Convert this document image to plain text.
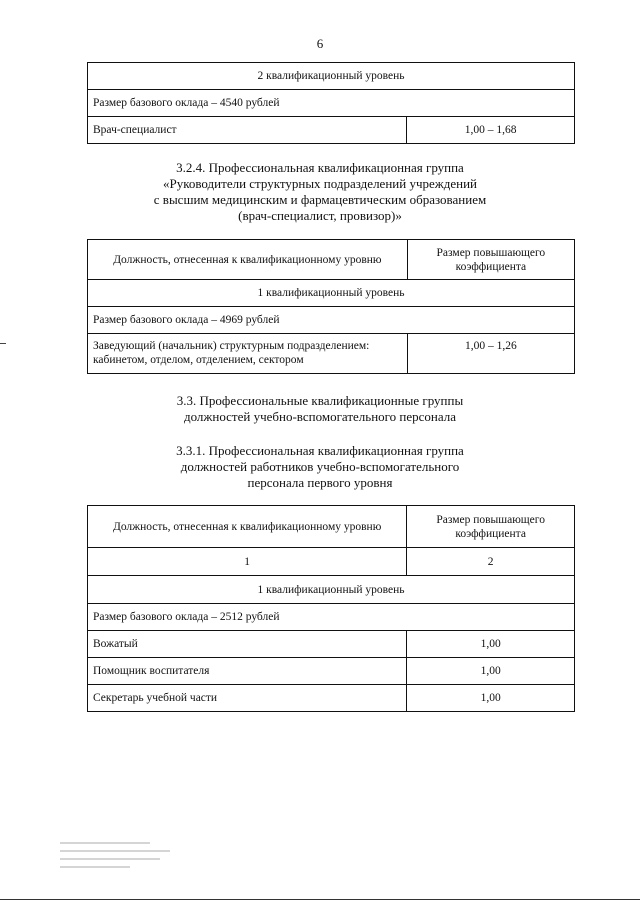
6
2 квалификационный уровень
Размер базового оклада – 4540 рублей
Врач-специалист	1,00 – 1,68
3.2.4. Профессиональная квалификационная группа
«Руководители структурных подразделений учреждений
с высшим медицинским и фармацевтическим образованием
(врач-специалист, провизор)»
Должность, отнесенная к квалификационному уровню	Размер повышающего
коэффициента

1 квалификационный уровень	
Размер базового оклада – 4969 рублей	

Заведующий (начальник) структурным подразделением:
кабинетом, отделом, отделением, сектором	1,00 – 1,26
3.3. Профессиональные квалификационные группы
должностей учебно-вспомогательного персонала
3.3.1. Профессиональная квалификационная группа
должностей работников учебно-вспомогательного
персонала первого уровня
Должность, отнесенная к квалификационному уровню	Размер повышающего
коэффициента

1	2
1 квалификационный уровень	
Размер базового оклада – 2512 рублей	
Вожатый	1,00
Помощник воспитателя	1,00
Секретарь учебной части	1,00
